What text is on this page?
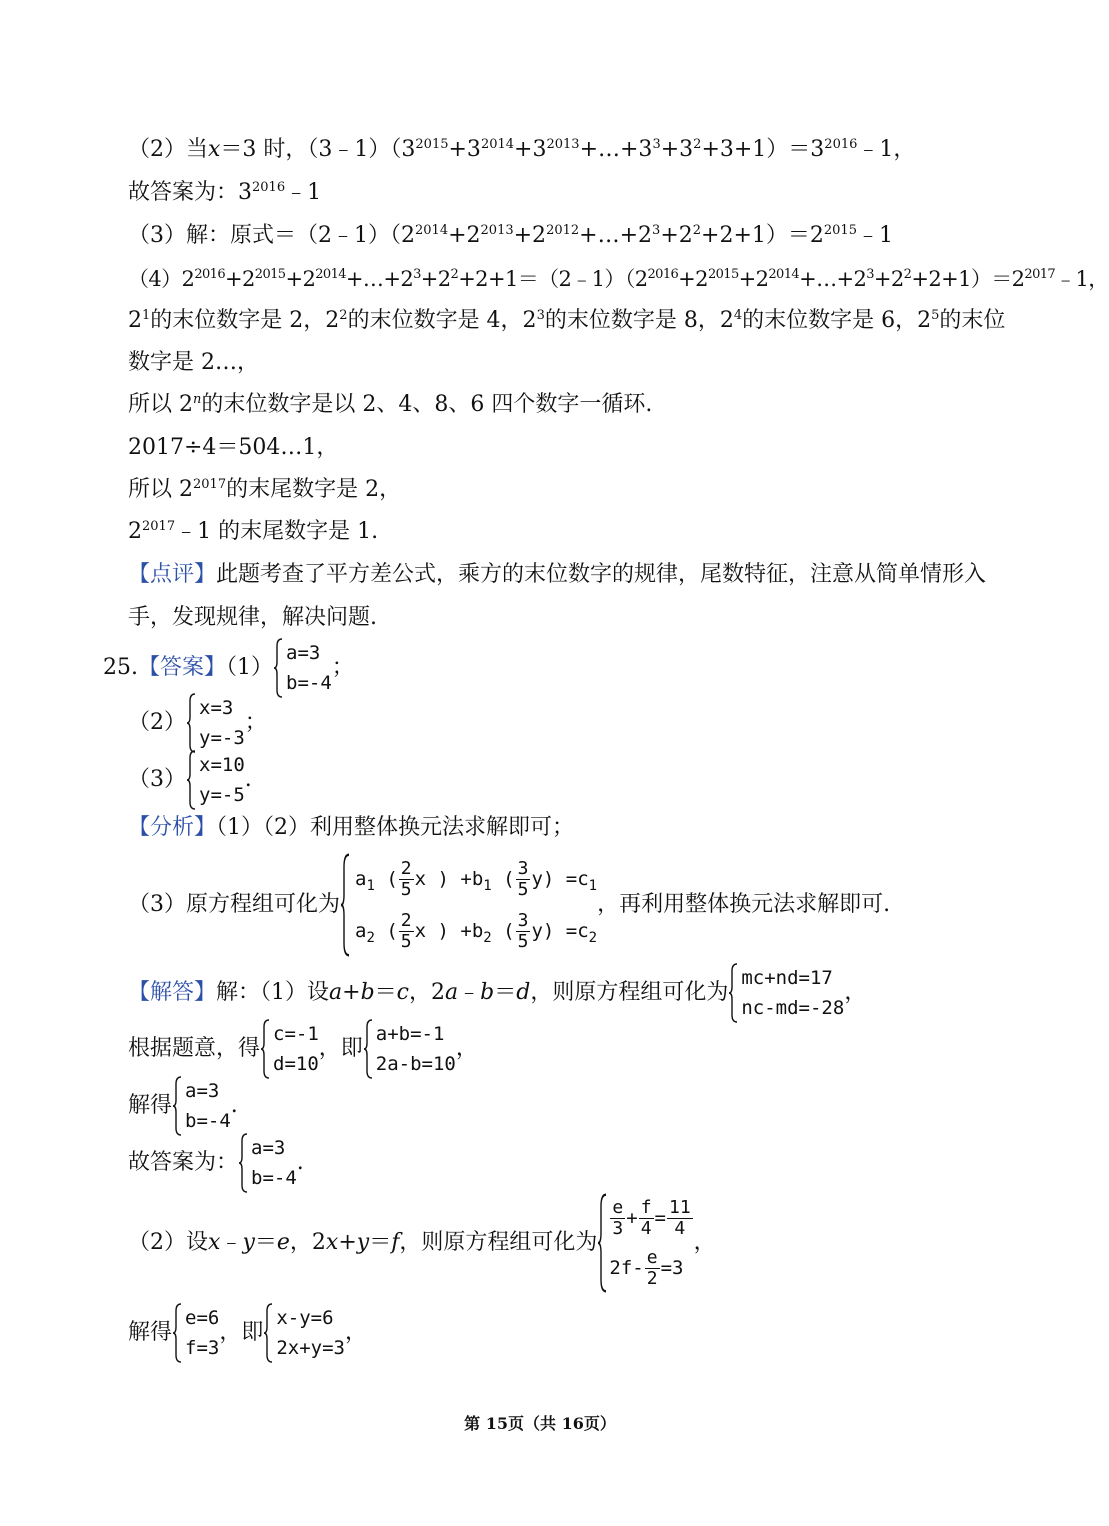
（2）当x＝3 时，$(3﹣1)(3^{2015}+3^{2014}+3^{2013}+\dots+3^3+3^2+3+1)=3^{2016}﹣1$，
故答案为：$3^{2016}﹣1$
（3）解：原式$=(2﹣1)(2^{2014}+2^{2013}+2^{2012}+\dots+2^3+2^2+2+1)=2^{2015}﹣1$
$(4)2^{2016}+2^{2015}+2^{2014}+\dots+2^3+2^2+2+1=(2﹣1)(2^{2016}+2^{2015}+2^{2014}+\dots+2^3+2^2+2+1)=2^{2017}﹣1$，
$2^1$的末位数字是 2，$2^2$的末位数字是 4，$2^3$的末位数字是 8，$2^4$的末位数字是 6，$2^5$的末位
数字是 2…，
所以 2$^n$的末位数字是以 2、4、8、6 四个数字一循环.
2017÷4＝504…1，
所以 $2^{2017}$的末尾数字是 2，
$2^{2017}﹣1$ 的末尾数字是 1.
【点评】此题考查了平方差公式，乘方的末位数字的规律，尾数特征，注意从简单情形入
手，发现规律，解决问题.
25.【答案】（1）
a=3
b=-4
；
（2）
x=3
y=-3
；
（3）
x=10
y=-5
.
【分析】（1）（2）利用整体换元法求解即可；
（3）原方程组可化为
$a_1$ ( $\frac{2}{5}$ x ) $+b_1$ ( $\frac{3}{5} y) =c_1$
$a_2$ ( $\frac{2}{5}$ x ) $+b_2$ ( $\frac{3}{5} y) =c_2$
，再利用整体换元法求解即可.
【解答】解：（1）设a+b＝c，2a﹣b＝d，则原方程组可化为
mc+nd=17
nc-md=-28
，
根据题意，得
c=-1
d=10
，即
a+b=-1
2a-b=10
，
解得
a=3
b=-4
.
故答案为：
a=3
b=-4
.
（2）设x﹣y＝e，2x+y＝f，则原方程组可化为
$\frac{e}{3} + \frac{f}{4} = \frac{11}{4}$
$2f- \frac{e}{2} =3$
，
解得
e=6
f=3
，即
x-y=6
2x+y=3
，
第 15页（共 16页）
